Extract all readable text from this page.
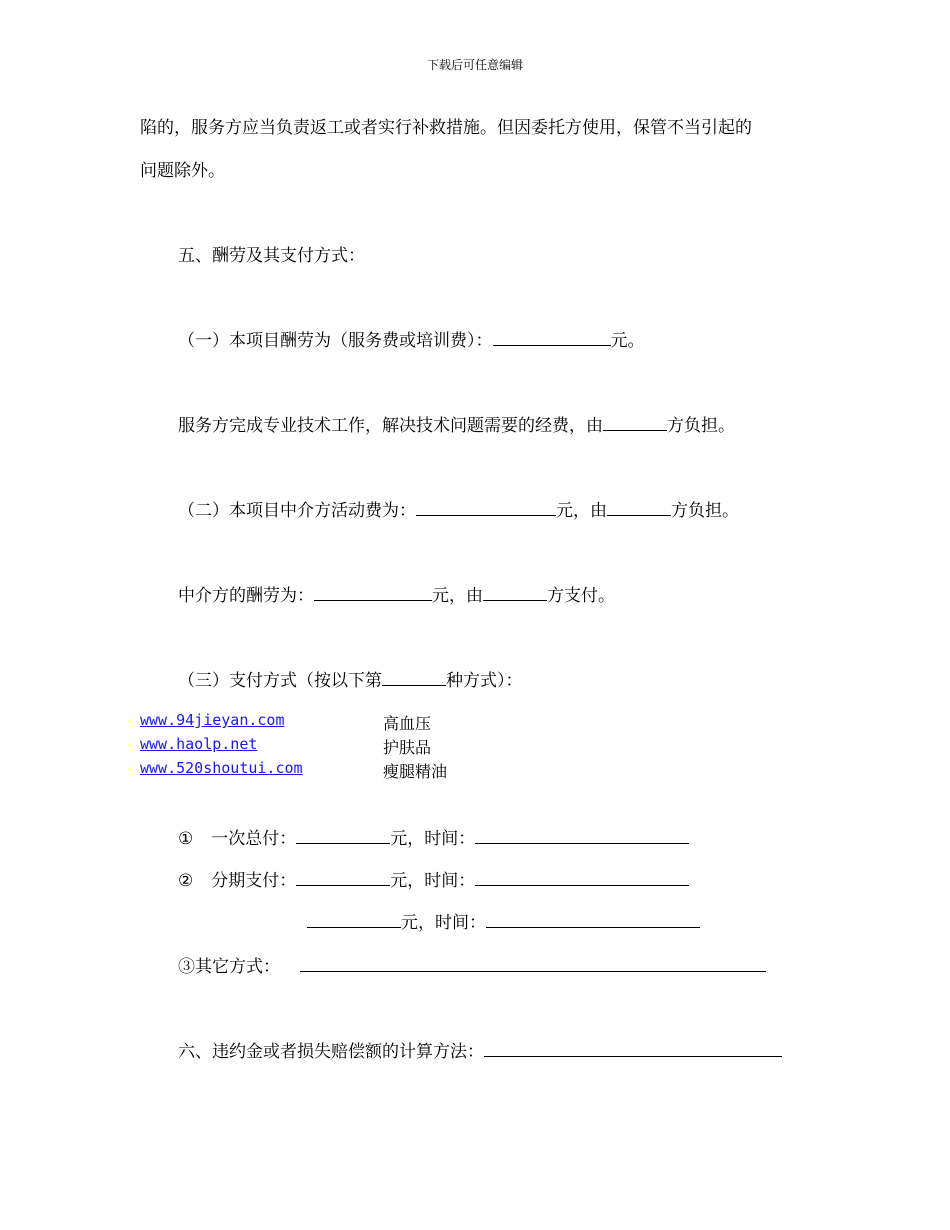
下载后可任意编辑
陷的，服务方应当负责返工或者实行补救措施。但因委托方使用，保管不当引起的
问题除外。
五、酬劳及其支付方式：
（一）本项目酬劳为（服务费或培训费）：	元。
服务方完成专业技术工作，解决技术问题需要的经费，由	方负担。
（二）本项目中介方活动费为：	元，由	方负担。
中介方的酬劳为：	元，由	方支付。
（三）支付方式（按以下第	种方式）：
www.94jieyan.com	高血压
www.haolp.net	护肤品
www.520shoutui.com	瘦腿精油
① 一次总付：	元，时间：
② 分期支付：	元，时间：
元，时间：
③其它方式：
六、违约金或者损失赔偿额的计算方法：
